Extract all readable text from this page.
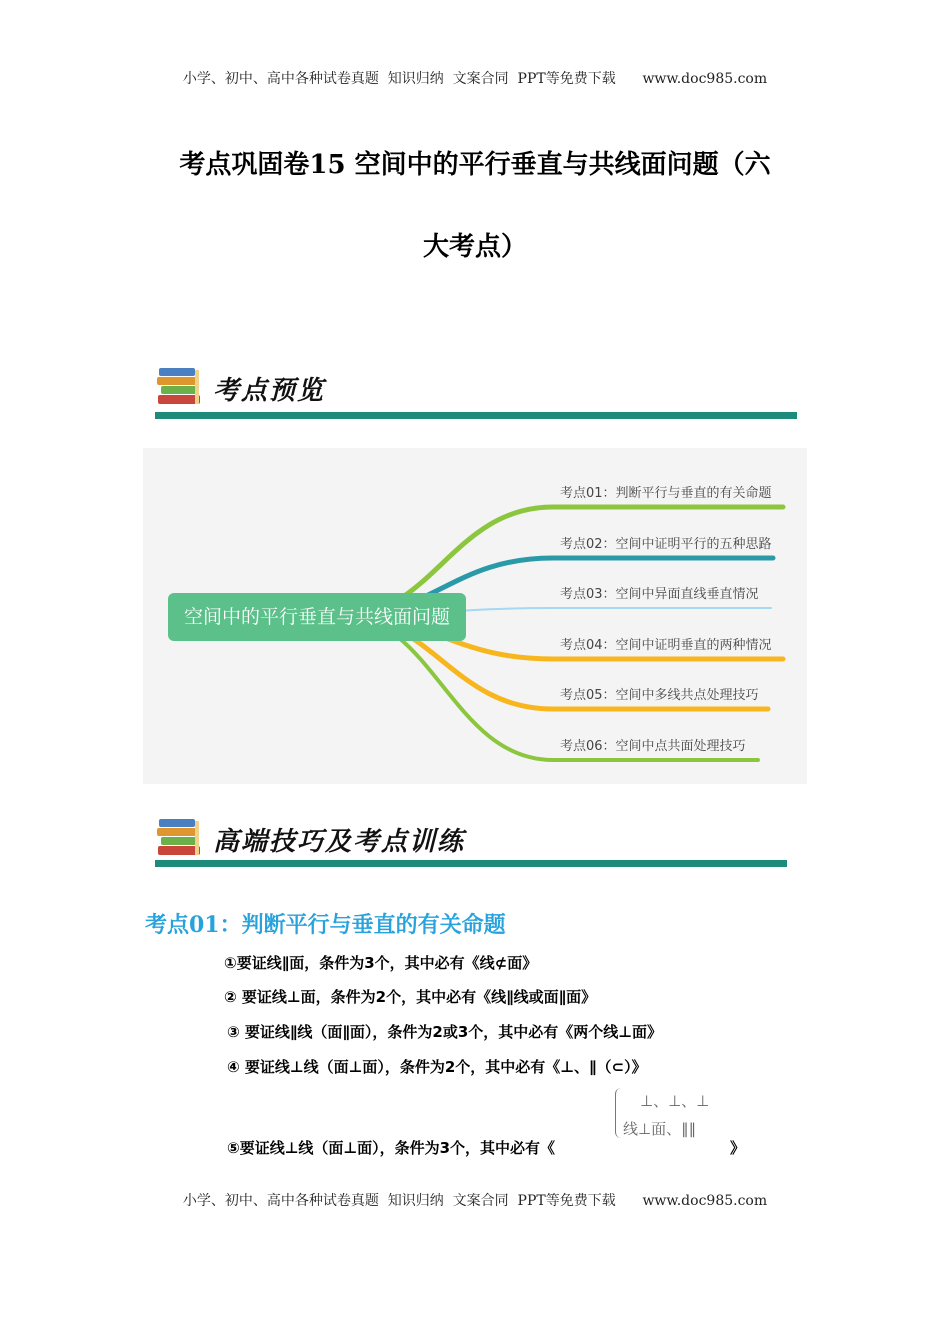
小学、初中、高中各种试卷真题  知识归纳  文案合同  PPT等免费下载      www.doc985.com
考点巩固卷15 空间中的平行垂直与共线面问题（六
大考点）
考点预览
空间中的平行垂直与共线面问题
考点01：判断平行与垂直的有关命题
考点02：空间中证明平行的五种思路
考点03：空间中异面直线垂直情况
考点04：空间中证明垂直的两种情况
考点05：空间中多线共点处理技巧
考点06：空间中点共面处理技巧
高端技巧及考点训练
考点01：判断平行与垂直的有关命题
①要证线∥面，条件为3个，其中必有《线⊄面》
② 要证线⊥面，条件为2个，其中必有《线∥线或面∥面》
③ 要证线∥线（面∥面），条件为2或3个，其中必有《两个线⊥面》
④ 要证线⊥线（面⊥面），条件为2个，其中必有《⊥、∥（⊂）》
⑤要证线⊥线（面⊥面），条件为3个，其中必有《
⊥、⊥、⊥
线⊥面、∥∥
》
小学、初中、高中各种试卷真题  知识归纳  文案合同  PPT等免费下载      www.doc985.com
